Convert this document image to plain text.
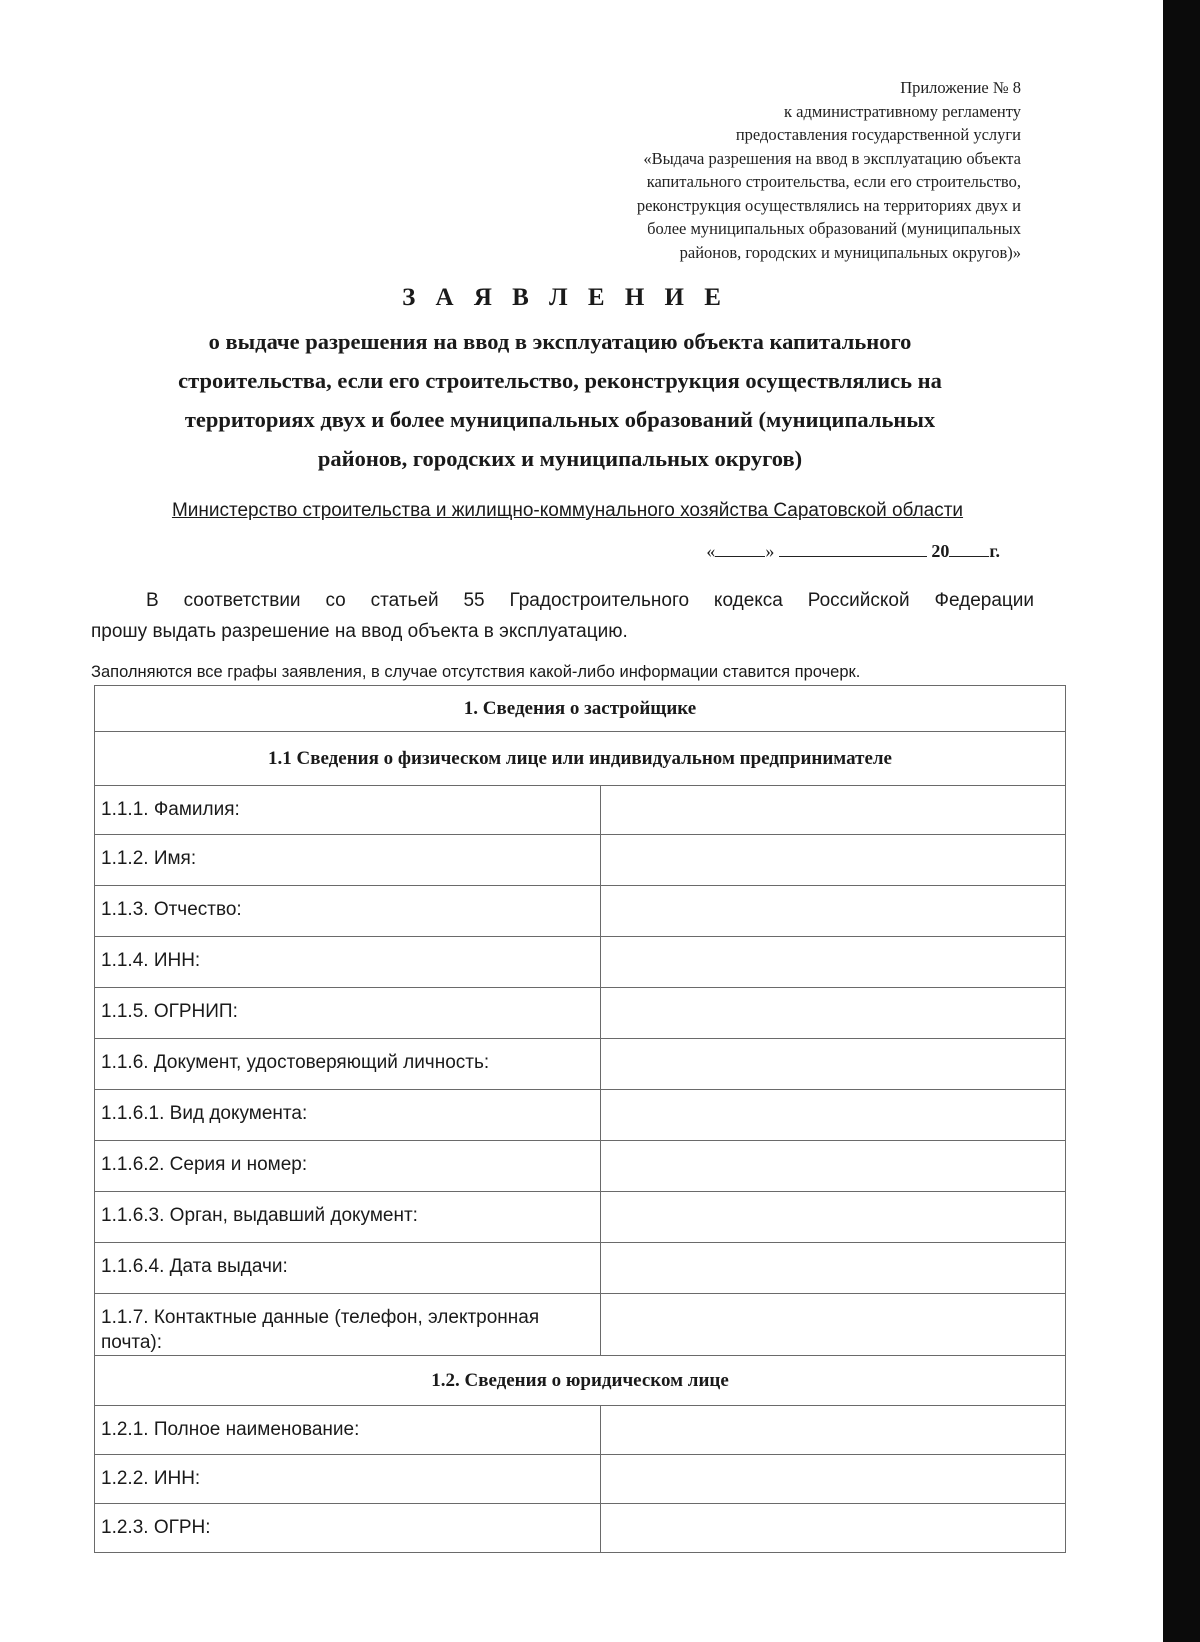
Приложение № 8
к административному регламенту
предоставления государственной услуги
«Выдача разрешения на ввод в эксплуатацию объекта
капитального строительства, если его строительство,
реконструкция осуществлялись на территориях двух и
более муниципальных образований (муниципальных
районов, городских и муниципальных округов)»
З А Я В Л Е Н И Е
о выдаче разрешения на ввод в эксплуатацию объекта капитального
строительства, если его строительство, реконструкция осуществлялись на
территориях двух и более муниципальных образований (муниципальных
районов, городских и муниципальных округов)
Министерство строительства и жилищно-коммунального хозяйства Саратовской области
«	»	20 г.
В соответствии со статьей 55 Градостроительного кодекса Российской Федерации
прошу выдать разрешение на ввод объекта в эксплуатацию.
Заполняются все графы заявления, в случае отсутствия какой-либо информации ставится прочерк.
1. Сведения о застройщике	
1.1 Сведения о физическом лице или индивидуальном предпринимателе	
1.1.1. Фамилия:	
1.1.2. Имя:	
1.1.3. Отчество:	
1.1.4. ИНН:	
1.1.5. ОГРНИП:	
1.1.6. Документ, удостоверяющий личность:	
1.1.6.1. Вид документа:	
1.1.6.2. Серия и номер:	
1.1.6.3. Орган, выдавший документ:	
1.1.6.4. Дата выдачи:	
1.1.7. Контактные данные (телефон, электронная почта):	
1.2. Сведения о юридическом лице	
1.2.1. Полное наименование:	
1.2.2. ИНН:	
1.2.3. ОГРН:	
